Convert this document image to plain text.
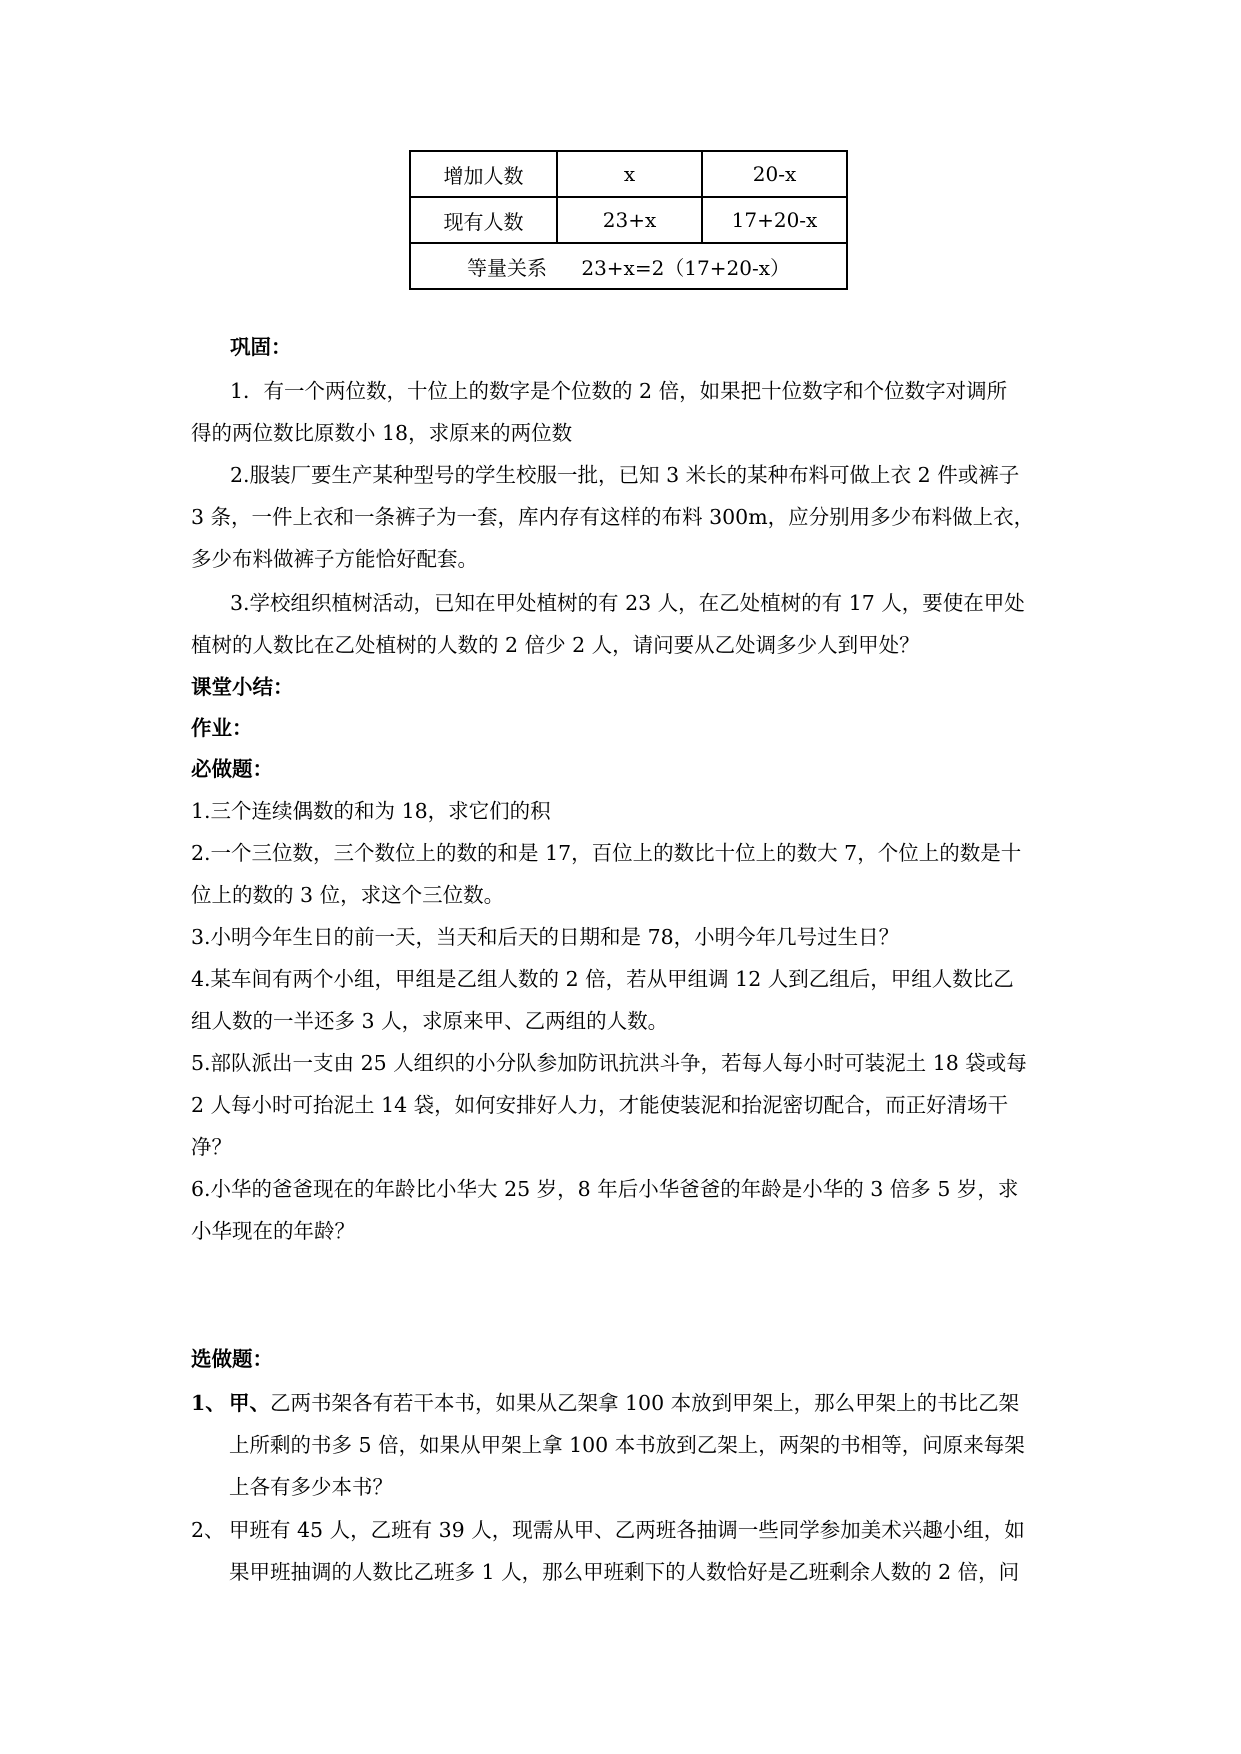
增加人数	x	20-x
现有人数	23+x	17+20-x
等量关系 23+x=2（17+20-x）		
巩固：
1．有一个两位数，十位上的数字是个位数的 2 倍，如果把十位数字和个位数字对调所
得的两位数比原数小 18，求原来的两位数
2.服装厂要生产某种型号的学生校服一批，已知 3 米长的某种布料可做上衣 2 件或裤子
3 条，一件上衣和一条裤子为一套，库内存有这样的布料 300m，应分别用多少布料做上衣，
多少布料做裤子方能恰好配套。
3.学校组织植树活动，已知在甲处植树的有 23 人，在乙处植树的有 17 人，要使在甲处
植树的人数比在乙处植树的人数的 2 倍少 2 人，请问要从乙处调多少人到甲处？
课堂小结：
作业：
必做题：
1.三个连续偶数的和为 18，求它们的积
2.一个三位数，三个数位上的数的和是 17，百位上的数比十位上的数大 7，个位上的数是十
位上的数的 3 位，求这个三位数。
3.小明今年生日的前一天，当天和后天的日期和是 78，小明今年几号过生日？
4.某车间有两个小组，甲组是乙组人数的 2 倍，若从甲组调 12 人到乙组后，甲组人数比乙
组人数的一半还多 3 人，求原来甲、乙两组的人数。
5.部队派出一支由 25 人组织的小分队参加防讯抗洪斗争，若每人每小时可装泥土 18 袋或每
2 人每小时可抬泥土 14 袋，如何安排好人力，才能使装泥和抬泥密切配合，而正好清场干
净？
6.小华的爸爸现在的年龄比小华大 25 岁，8 年后小华爸爸的年龄是小华的 3 倍多 5 岁，求
小华现在的年龄？
选做题：
1、 甲、乙两书架各有若干本书，如果从乙架拿 100 本放到甲架上，那么甲架上的书比乙架
上所剩的书多 5 倍，如果从甲架上拿 100 本书放到乙架上，两架的书相等，问原来每架
上各有多少本书？
2、 甲班有 45 人，乙班有 39 人，现需从甲、乙两班各抽调一些同学参加美术兴趣小组，如
果甲班抽调的人数比乙班多 1 人，那么甲班剩下的人数恰好是乙班剩余人数的 2 倍，问
